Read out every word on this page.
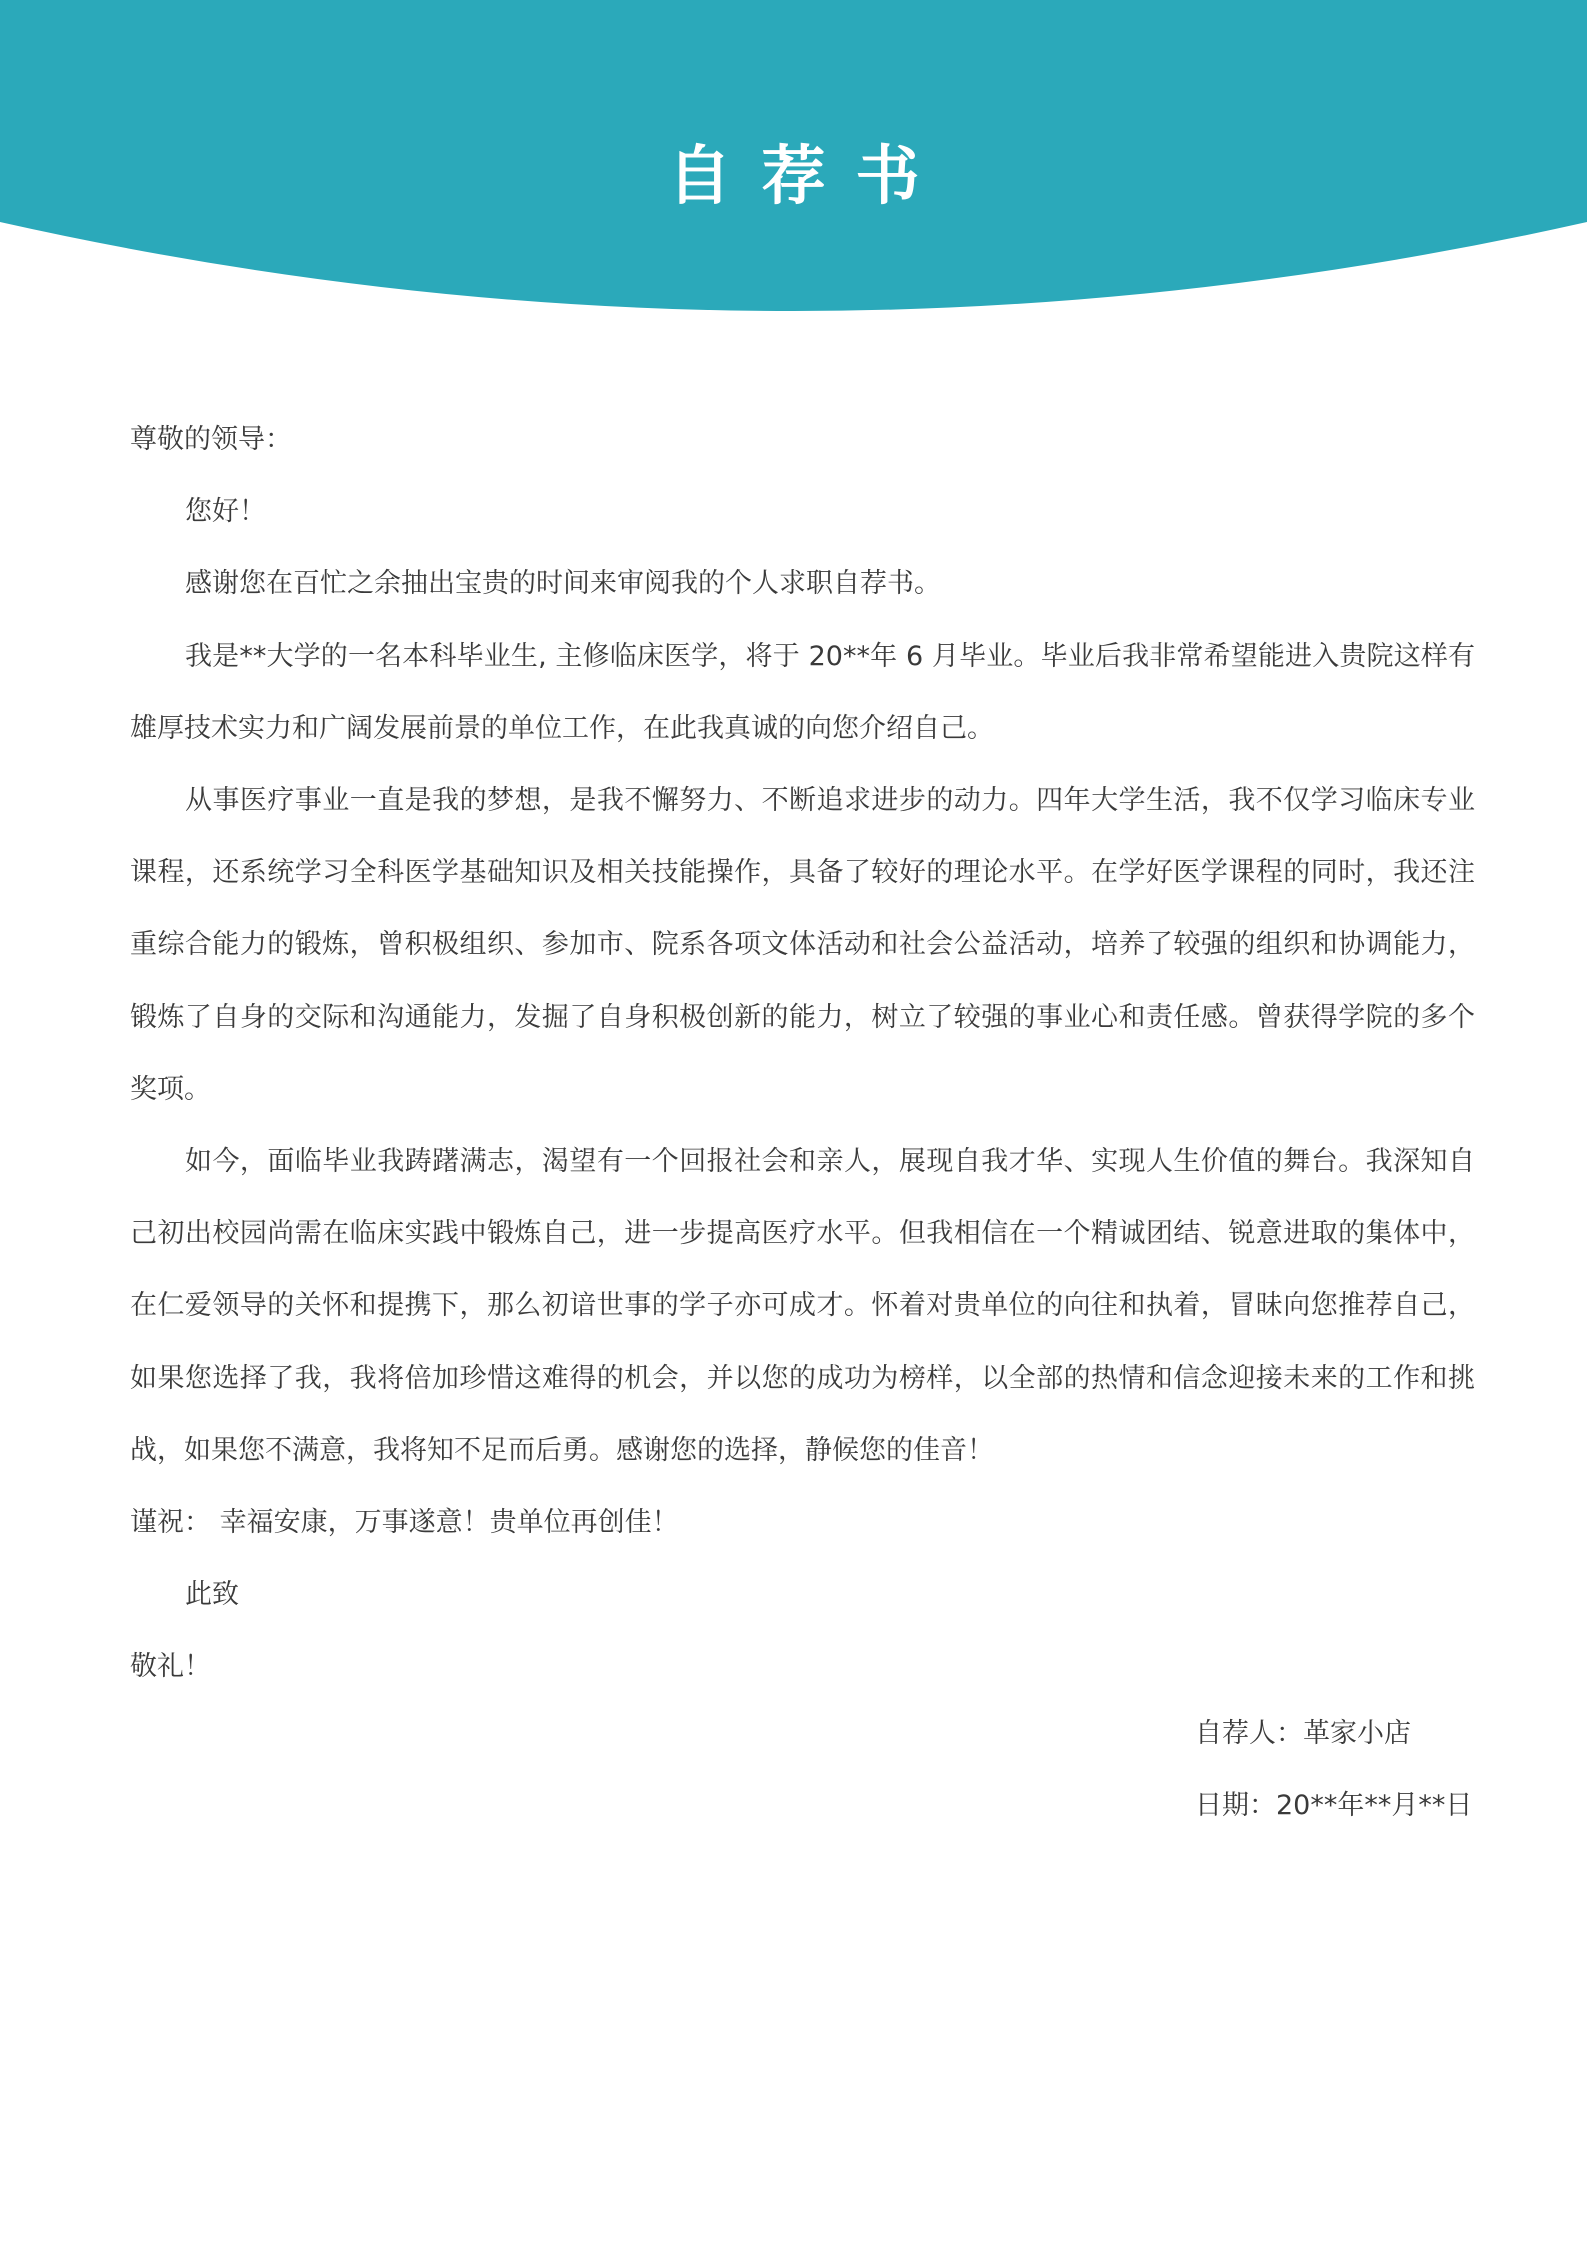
自荐书

尊敬的领导：

您好！

感谢您在百忙之余抽出宝贵的时间来审阅我的个人求职自荐书。

我是**大学的一名本科毕业生, 主修临床医学，将于 20**年 6 月毕业。毕业后我非常希望能进入贵院这样有雄厚技术实力和广阔发展前景的单位工作，在此我真诚的向您介绍自己。

从事医疗事业一直是我的梦想，是我不懈努力、不断追求进步的动力。四年大学生活，我不仅学习临床专业课程，还系统学习全科医学基础知识及相关技能操作，具备了较好的理论水平。在学好医学课程的同时，我还注重综合能力的锻炼，曾积极组织、参加市、院系各项文体活动和社会公益活动，培养了较强的组织和协调能力，锻炼了自身的交际和沟通能力，发掘了自身积极创新的能力，树立了较强的事业心和责任感。曾获得学院的多个奖项。

如今，面临毕业我踌躇满志，渴望有一个回报社会和亲人，展现自我才华、实现人生价值的舞台。我深知自己初出校园尚需在临床实践中锻炼自己，进一步提高医疗水平。但我相信在一个精诚团结、锐意进取的集体中，在仁爱领导的关怀和提携下，那么初谙世事的学子亦可成才。怀着对贵单位的向往和执着，冒昧向您推荐自己，如果您选择了我，我将倍加珍惜这难得的机会，并以您的成功为榜样，以全部的热情和信念迎接未来的工作和挑战，如果您不满意，我将知不足而后勇。感谢您的选择，静候您的佳音！

谨祝： 幸福安康，万事遂意！贵单位再创佳！

此致

敬礼！

自荐人：革家小店
日期：20**年**月**日
